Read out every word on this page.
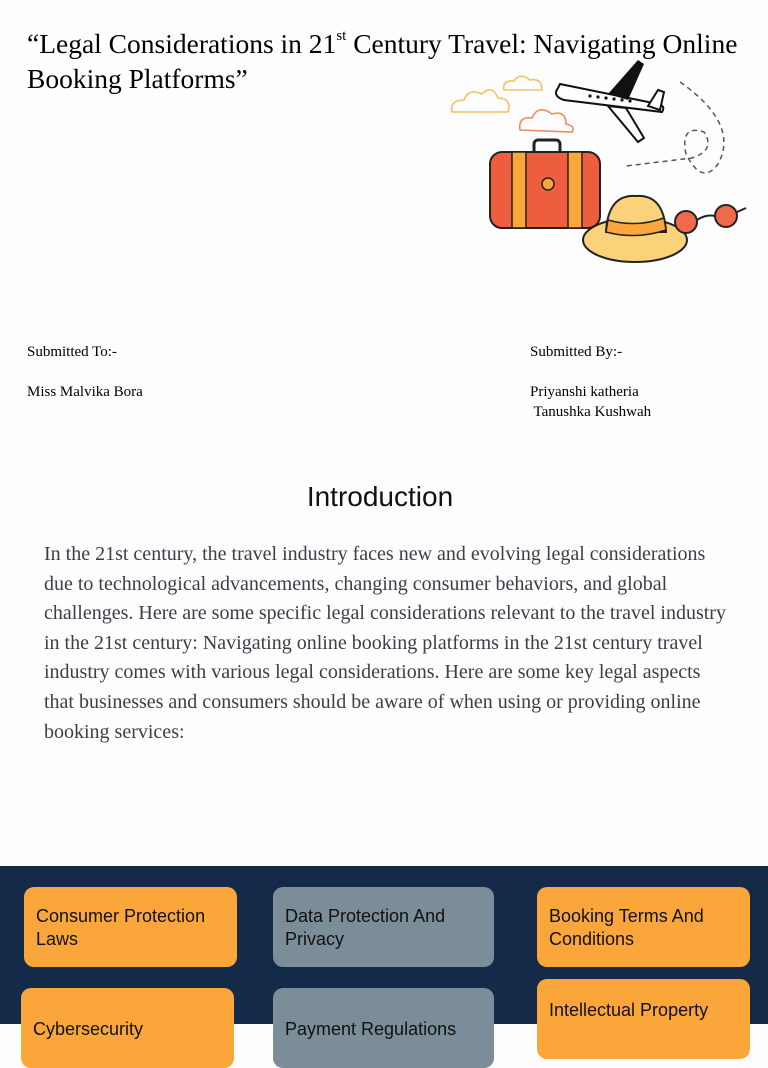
“Legal Considerations in 21st Century Travel: Navigating Online Booking Platforms”
Submitted To:-
Miss Malvika Bora
Submitted By:-
Priyanshi katheria
Tanushka Kushwah
Introduction

In the 21st century, the travel industry faces new and evolving legal considerations due to technological advancements, changing consumer behaviors, and global challenges. Here are some specific legal considerations relevant to the travel industry in the 21st century: Navigating online booking platforms in the 21st century travel industry comes with various legal considerations. Here are some key legal aspects that businesses and consumers should be aware of when using or providing online booking services:

Consumer Protection Laws
Data Protection And Privacy
Booking Terms And Conditions
Cybersecurity	Payment Regulations
Intellectual Property
